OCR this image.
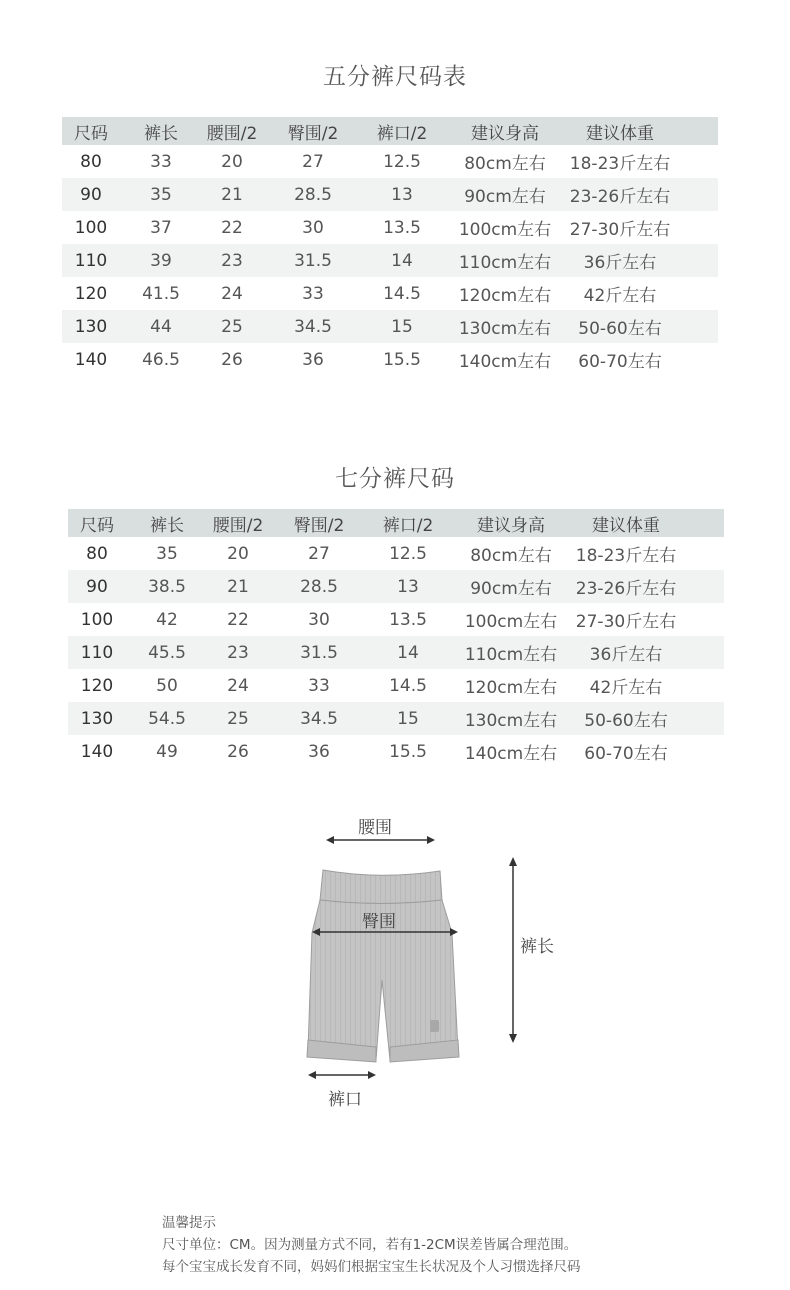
五分裤尺码表
尺码 裤长 腰围/2 臀围/2 裤口/2	建议身高	建议体重
80	33	20	27	12.5	80cm左右 18-23斤左右
90	35	21	28.5	13	90cm左右 23-26斤左右
100	37	22	30	13.5 100cm左右 27-30斤左右
110	39	23	31.5	14	110cm左右 36斤左右
120 41.5 24	33	14.5 120cm左右 42斤左右
130	44	25	34.5	15	130cm左右 50-60左右
140 46.5 26	36	15.5 140cm左右 60-70左右
七分裤尺码
尺码 裤长 腰围/2 臀围/2 裤口/2	建议身高	建议体重
80	35	20	27	12.5	80cm左右 18-23斤左右
90 38.5 21	28.5	13	90cm左右 23-26斤左右
100	42	22	30	13.5 100cm左右 27-30斤左右
110 45.5 23	31.5	14	110cm左右 36斤左右
120	50	24	33	14.5 120cm左右 42斤左右
130 54.5 25	34.5	15	130cm左右 50-60左右
140	49	26	36	15.5 140cm左右 60-70左右
腰围
臀围
裤长
裤口
温馨提示
尺寸单位：CM。因为测量方式不同，若有1-2CM误差皆属合理范围。
每个宝宝成长发育不同，妈妈们根据宝宝生长状况及个人习惯选择尺码
